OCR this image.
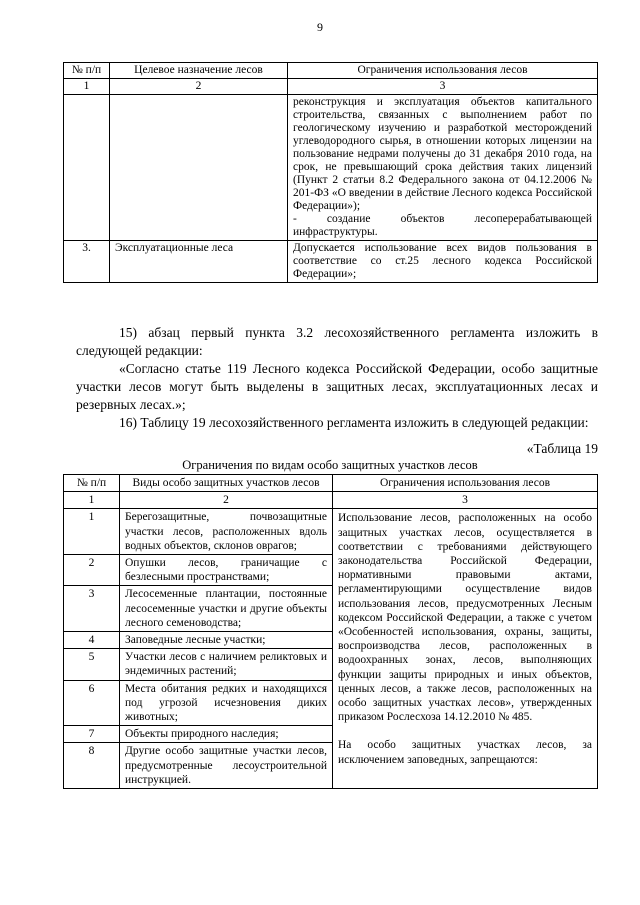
9
№ п/п	Целевое назначение лесов	Ограничения использования лесов
1	2	3

		реконструкция и эксплуатация объектов капитального строительства, связанных с выполнением работ по геологическому изучению и разработкой месторождений углеводородного сырья, в отношении которых лицензии на пользование недрами получены до 31 декабря 2010 года, на срок, не превышающий срока действия таких лицензий (Пункт 2 статьи 8.2 Федерального закона от 04.12.2006 № 201-ФЗ «О введении в действие Лесного кодекса Российской Федерации»);
- создание объектов лесоперерабатывающей инфраструктуры.

3.	Эксплуатационные леса	Допускается использование всех видов пользования в соответствие со ст.25 лесного кодекса Российской Федерации»;
15) абзац первый пункта 3.2 лесохозяйственного регламента изложить в следующей редакции:
«Согласно статье 119 Лесного кодекса Российской Федерации, особо защитные участки лесов могут быть выделены в защитных лесах, эксплуатационных лесах и резервных лесах.»;
16) Таблицу 19 лесохозяйственного регламента изложить в следующей редакции:
«Таблица 19
Ограничения по видам особо защитных участков лесов
№ п/п	Виды особо защитных участков лесов	Ограничения использования лесов
1	2	3
1	Берегозащитные, почвозащитные участки лесов, расположенных вдоль водных объектов, склонов оврагов;	Использование лесов, расположенных на особо защитных участках лесов, осуществляется в соответствии с требованиями действующего законодательства Российской Федерации, нормативными правовыми актами, регламентирующими осуществление видов использования лесов, предусмотренных Лесным кодексом Российской Федерации, а также с учетом «Особенностей использования, охраны, защиты, воспроизводства лесов, расположенных в водоохранных зонах, лесов, выполняющих функции защиты природных и иных объектов, ценных лесов, а также лесов, расположенных на особо защитных участках лесов», утвержденных приказом Рослесхоза 14.12.2010 № 485.
На особо защитных участках лесов, за исключением заповедных, запрещаются:

2	Опушки лесов, граничащие с безлесными пространствами;	
3	Лесосеменные плантации, постоянные лесосеменные участки и другие объекты лесного семеноводства;	
4	Заповедные лесные участки;	
5	Участки лесов с наличием реликтовых и эндемичных растений;	
6	Места обитания редких и находящихся под угрозой исчезновения диких животных;	
7	Объекты природного наследия;	
8	Другие особо защитные участки лесов, предусмотренные лесоустроительной инструкцией.	
